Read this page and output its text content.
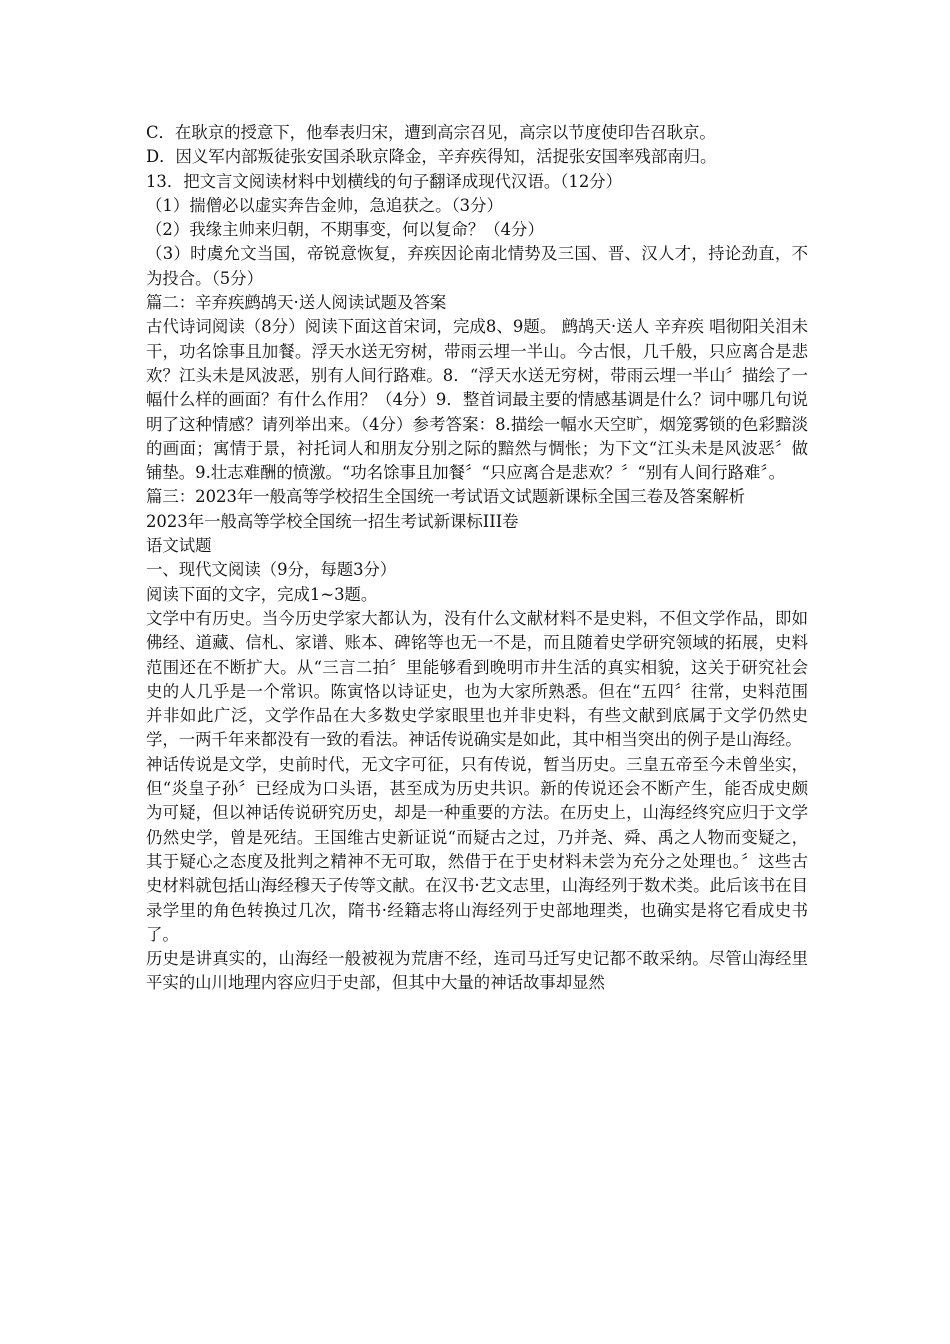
C．在耿京的授意下，他奉表归宋，遭到高宗召见，高宗以节度使印告召耿京。

D．因义军内部叛徒张安国杀耿京降金，辛弃疾得知，活捉张安国率残部南归。

13．把文言文阅读材料中划横线的句子翻译成现代汉语。（12分）

（1）揣僧必以虚实奔告金帅，急追获之。（3分）

（2）我缘主帅来归朝，不期事变，何以复命？（4分）

（3）时虞允文当国，帝锐意恢复，弃疾因论南北情势及三国、晋、汉人才，持论劲直，不为投合。（5分）

篇二：辛弃疾鹧鸪天·送人阅读试题及答案

古代诗词阅读（8分）阅读下面这首宋词，完成8、9题。 鹧鸪天·送人 辛弃疾 唱彻阳关泪未干，功名馀事且加餐。浮天水送无穷树，带雨云埋一半山。今古恨，几千般，只应离合是悲欢？江头未是风波恶，别有人间行路难。8．“浮天水送无穷树，带雨云埋一半山〞描绘了一幅什么样的画面？有什么作用？（4分）9．整首词最主要的情感基调是什么？词中哪几句说明了这种情感？请列举出来。（4分）参考答案：8.描绘一幅水天空旷，烟笼雾锁的色彩黯淡的画面；寓情于景，衬托词人和朋友分别之际的黯然与惆怅；为下文“江头未是风波恶〞做铺垫。9.壮志难酬的愤激。“功名馀事且加餐〞“只应离合是悲欢？〞“别有人间行路难〞。

篇三：2023年一般高等学校招生全国统一考试语文试题新课标全国三卷及答案解析

2023年一般高等学校全国统一招生考试新课标III卷

语文试题

一、现代文阅读（9分，每题3分）

阅读下面的文字，完成1~3题。

文学中有历史。当今历史学家大都认为，没有什么文献材料不是史料，不但文学作品，即如佛经、道藏、信札、家谱、账本、碑铭等也无一不是，而且随着史学研究领域的拓展，史料范围还在不断扩大。从“三言二拍〞里能够看到晚明市井生活的真实相貌，这关于研究社会史的人几乎是一个常识。陈寅恪以诗证史，也为大家所熟悉。但在“五四〞往常，史料范围并非如此广泛，文学作品在大多数史学家眼里也并非史料，有些文献到底属于文学仍然史学，一两千年来都没有一致的看法。神话传说确实是如此，其中相当突出的例子是山海经。

神话传说是文学，史前时代，无文字可征，只有传说，暂当历史。三皇五帝至今未曾坐实，但“炎皇子孙〞已经成为口头语，甚至成为历史共识。新的传说还会不断产生，能否成史颇为可疑，但以神话传说研究历史，却是一种重要的方法。在历史上，山海经终究应归于文学仍然史学，曾是死结。王国维古史新证说“而疑古之过，乃并尧、舜、禹之人物而变疑之，其于疑心之态度及批判之精神不无可取，然借于在于史材料未尝为充分之处理也。〞这些古史材料就包括山海经穆天子传等文献。在汉书·艺文志里，山海经列于数术类。此后该书在目录学里的角色转换过几次，隋书·经籍志将山海经列于史部地理类，也确实是将它看成史书了。

历史是讲真实的，山海经一般被视为荒唐不经，连司马迁写史记都不敢采纳。尽管山海经里平实的山川地理内容应归于史部，但其中大量的神话故事却显然
